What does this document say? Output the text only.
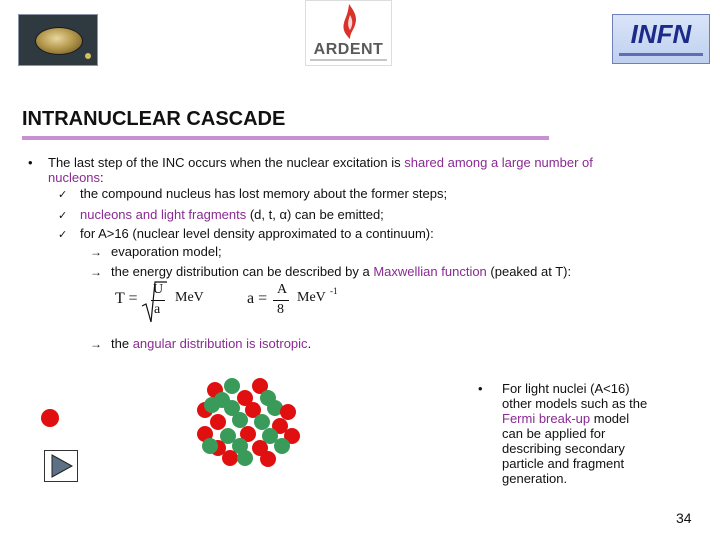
ARDENT
INFN
INTRANUCLEAR CASCADE
• The last step of the INC occurs when the nuclear excitation is shared among a large number of
nucleons:
✓ the compound nucleus has lost memory about the former steps;
✓ nucleons and light fragments (d, t, α) can be emitted;
✓ for A>16 (nuclear level density approximated to a continuum):
→ evaporation model;
→ the energy distribution can be described by a Maxwellian function (peaked at T):
T =
U
a
MeV	a =
A
8
MeV -1
→ the angular distribution is isotropic.
• For light nuclei (A<16)
other models such as the
Fermi break-up model
can be applied for
describing secondary
particle and fragment
generation.
34
